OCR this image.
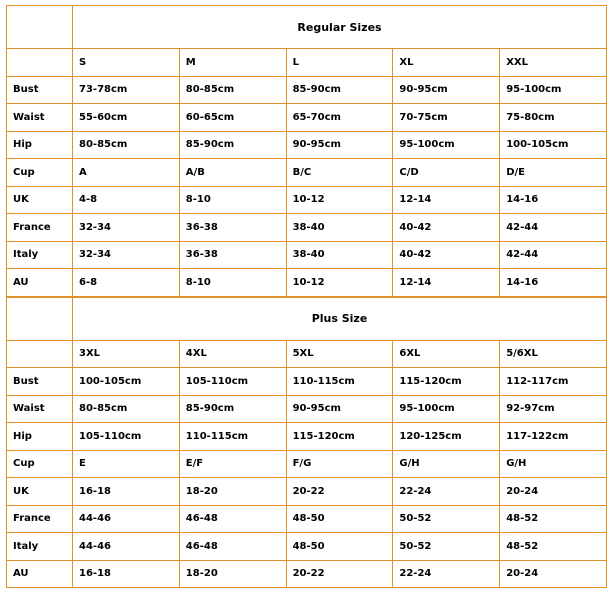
	Regular Sizes				
	S	M	L	XL	XXL
Bust	73-78cm	80-85cm	85-90cm	90-95cm	95-100cm
Waist	55-60cm	60-65cm	65-70cm	70-75cm	75-80cm
Hip	80-85cm	85-90cm	90-95cm	95-100cm	100-105cm
Cup	A	A/B	B/C	C/D	D/E
UK	4-8	8-10	10-12	12-14	14-16
France	32-34	36-38	38-40	40-42	42-44
Italy	32-34	36-38	38-40	40-42	42-44
AU	6-8	8-10	10-12	12-14	14-16
	Plus Size				
	3XL	4XL	5XL	6XL	5/6XL
Bust	100-105cm	105-110cm	110-115cm	115-120cm	112-117cm
Waist	80-85cm	85-90cm	90-95cm	95-100cm	92-97cm
Hip	105-110cm	110-115cm	115-120cm	120-125cm	117-122cm
Cup	E	E/F	F/G	G/H	G/H
UK	16-18	18-20	20-22	22-24	20-24
France	44-46	46-48	48-50	50-52	48-52
Italy	44-46	46-48	48-50	50-52	48-52
AU	16-18	18-20	20-22	22-24	20-24
